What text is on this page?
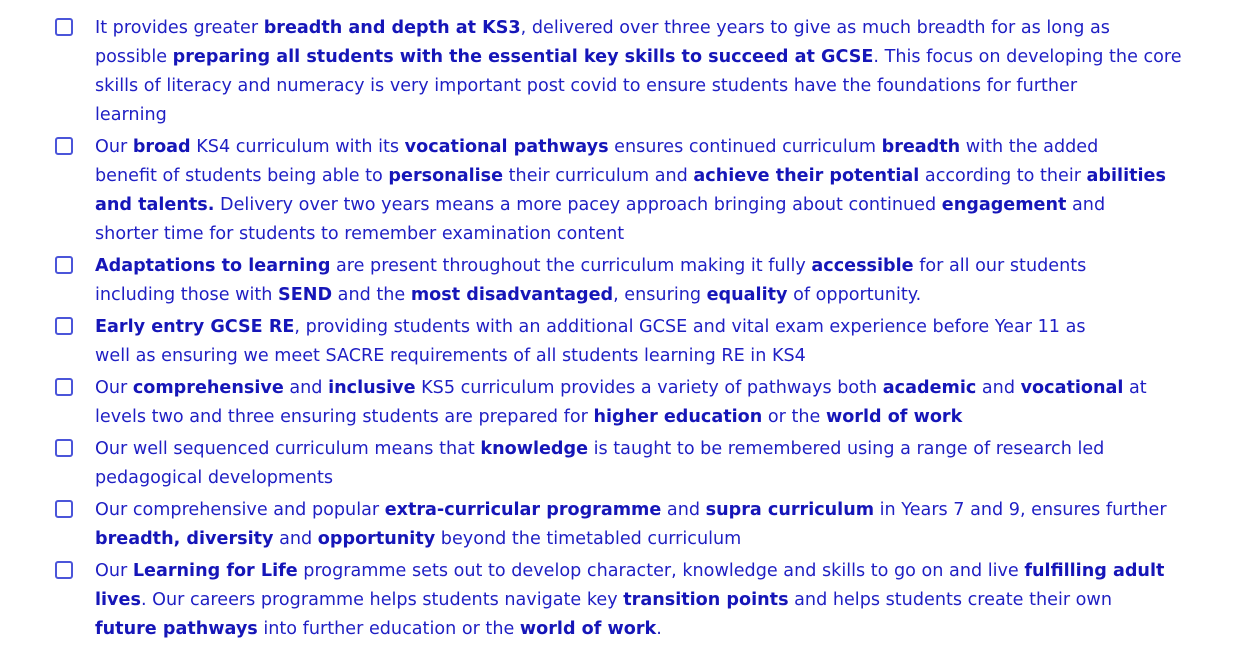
It provides greater breadth and depth at KS3, delivered over three years to give as much breadth for as long as
possible preparing all students with the essential key skills to succeed at GCSE. This focus on developing the core
skills of literacy and numeracy is very important post covid to ensure students have the foundations for further
learning
Our broad KS4 curriculum with its vocational pathways ensures continued curriculum breadth with the added
benefit of students being able to personalise their curriculum and achieve their potential according to their abilities
and talents. Delivery over two years means a more pacey approach bringing about continued engagement and
shorter time for students to remember examination content
Adaptations to learning are present throughout the curriculum making it fully accessible for all our students
including those with SEND and the most disadvantaged, ensuring equality of opportunity.
Early entry GCSE RE, providing students with an additional GCSE and vital exam experience before Year 11 as
well as ensuring we meet SACRE requirements of all students learning RE in KS4
Our comprehensive and inclusive KS5 curriculum provides a variety of pathways both academic and vocational at
levels two and three ensuring students are prepared for higher education or the world of work
Our well sequenced curriculum means that knowledge is taught to be remembered using a range of research led
pedagogical developments
Our comprehensive and popular extra-curricular programme and supra curriculum in Years 7 and 9, ensures further
breadth, diversity and opportunity beyond the timetabled curriculum
Our Learning for Life programme sets out to develop character, knowledge and skills to go on and live fulfilling adult
lives. Our careers programme helps students navigate key transition points and helps students create their own
future pathways into further education or the world of work.
